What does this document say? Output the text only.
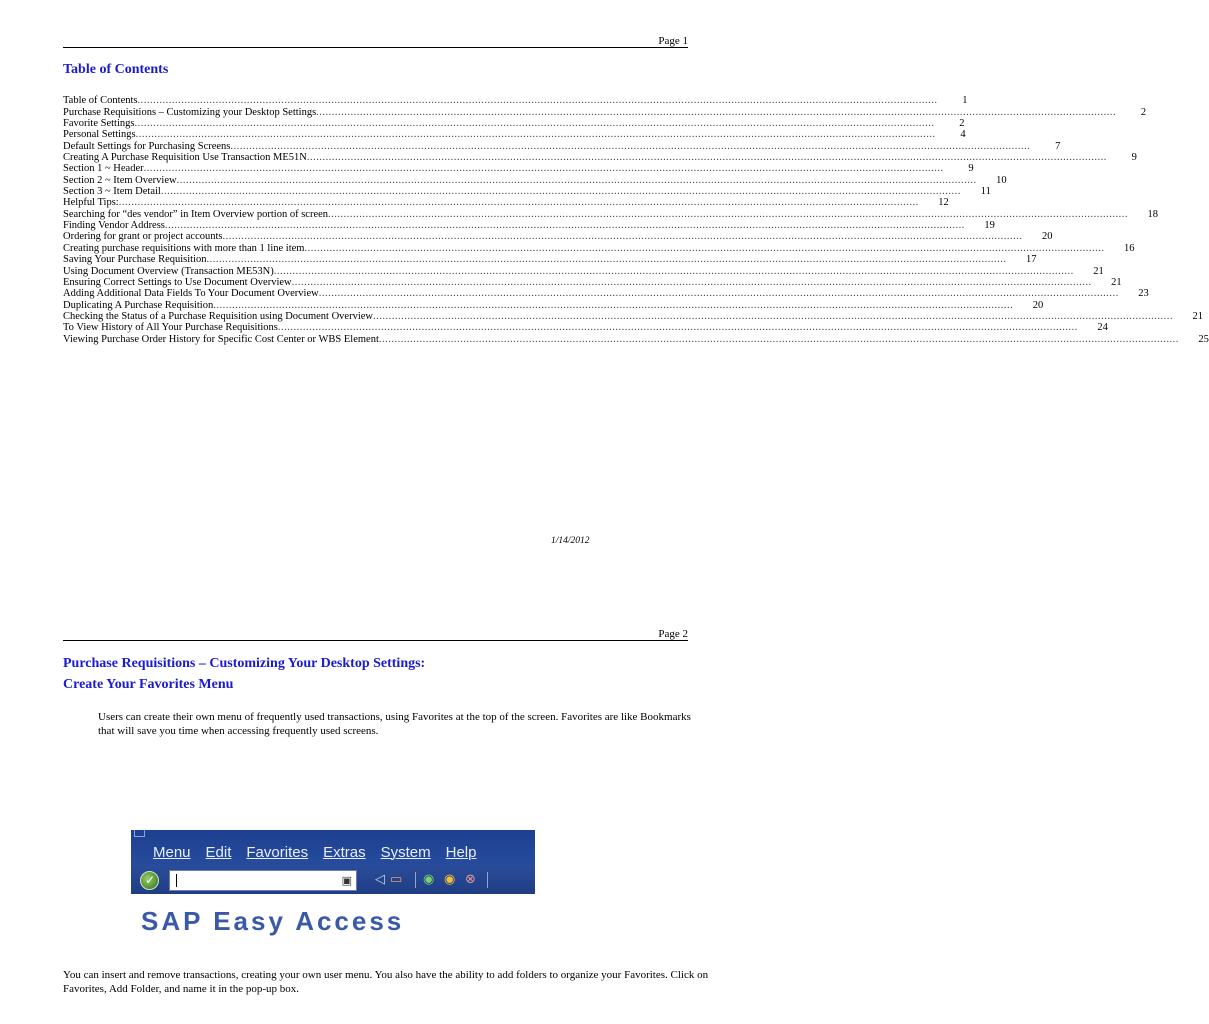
Page 1
Table of Contents
Table of Contents .....	1
Purchase Requisitions – Customizing your Desktop Settings .....	2
Favorite Settings .....	2
Personal Settings .....	4
Default Settings for Purchasing Screens .....	7
Creating A Purchase Requisition Use Transaction ME51N .....	9
Section 1 ~ Header .....	9
Section 2 ~ Item Overview .....	10
Section 3 ~ Item Detail .....	11
Helpful Tips: .....	12
Searching for “des vendor” in Item Overview portion of screen .....	18
Finding Vendor Address .....	19
Ordering for grant or project accounts .....	20
Creating purchase requisitions with more than 1 line item .....	16
Saving Your Purchase Requisition .....	17
Using Document Overview (Transaction ME53N) .....	21
Ensuring Correct Settings to Use Document Overview .....	21
Adding Additional Data Fields To Your Document Overview .....	23
Duplicating A Purchase Requisition .....	20
Checking the Status of a Purchase Requisition using Document Overview .....	21
To View History of All Your Purchase Requisitions .....	24
Viewing Purchase Order History for Specific Cost Center or WBS Element .....	25
1/14/2012
Page 2
Purchase Requisitions – Customizing Your Desktop Settings:
Create Your Favorites Menu
Users can create their own menu of frequently used transactions, using Favorites at the top of the screen. Favorites are like Bookmarks that will save you time when accessing frequently used screens.
Menu Edit Favorites Extras System Help
✓	▣ ◁ ▭ ◉ ◉ ⊗
SAP Easy Access
You can insert and remove transactions, creating your own user menu. You also have the ability to add folders to organize your Favorites. Click on Favorites, Add Folder, and name it in the pop-up box.
